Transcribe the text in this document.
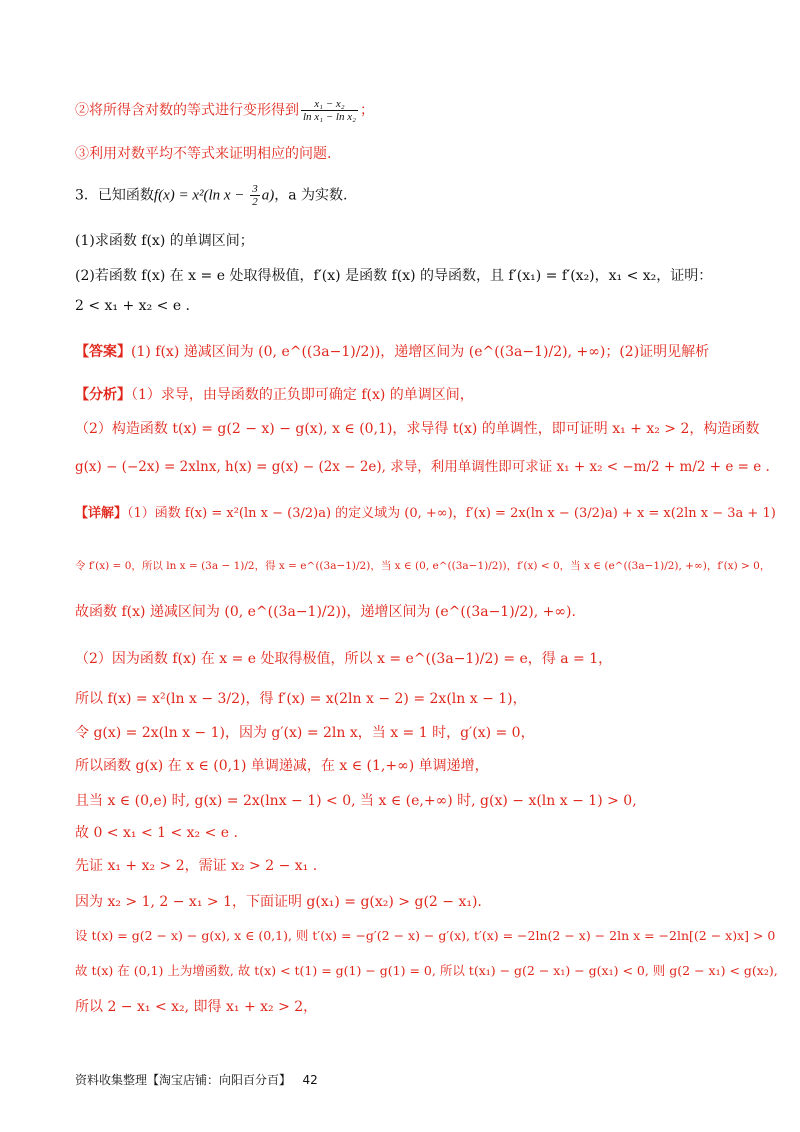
②将所得含对数的等式进行变形得到 $\frac{\text{x₁ − x₂}}{\text{ln x₁ − ln x₂}}$ ；
③利用对数平均不等式来证明相应的问题.
3．已知函数f(x) = x²(ln $x - \frac{3}{2} a$)，a 为实数.
(1)求函数 f(x) 的单调区间；
(2)若函数 f(x) 在 x = e 处取得极值，f′(x) 是函数 f(x) 的导函数，且 f′(x₁) = f′(x₂)，x₁ < x₂，证明：
2 < x₁ + x₂ < e .
【答案】(1) f(x) 递减区间为 (0, e^((3a−1)/2))，递增区间为 (e^((3a−1)/2), +∞)；(2)证明见解析
【分析】（1）求导，由导函数的正负即可确定 f(x) 的单调区间，
（2）构造函数 t(x) = g(2 − x) − g(x), x ∈ (0,1)，求导得 t(x) 的单调性，即可证明 x₁ + x₂ > 2，构造函数
g(x) − (−2x) = 2xlnx, h(x) = g(x) − (2x − 2e), 求导，利用单调性即可求证 x₁ + x₂ < −m/2 + m/2 + e = e .
【详解】（1）函数 f(x) = x²(ln x − (3/2)a) 的定义域为 (0, +∞)，f′(x) = 2x(ln x − (3/2)a) + x = x(2ln x − 3a + 1)
令 f′(x) = 0，所以 ln x = (3a − 1)/2，得 x = e^((3a−1)/2)，当 x ∈ (0, e^((3a−1)/2))，f′(x) < 0，当 x ∈ (e^((3a−1)/2), +∞)，f′(x) > 0，
故函数 f(x) 递减区间为 (0, e^((3a−1)/2))，递增区间为 (e^((3a−1)/2), +∞).
（2）因为函数 f(x) 在 x = e 处取得极值，所以 x = e^((3a−1)/2) = e，得 a = 1，
所以 f(x) = x²(ln x − 3/2)，得 f′(x) = x(2ln x − 2) = 2x(ln x − 1)，
令 g(x) = 2x(ln x − 1)，因为 g′(x) = 2ln x，当 x = 1 时，g′(x) = 0，
所以函数 g(x) 在 x ∈ (0,1) 单调递减，在 x ∈ (1,+∞) 单调递增，
且当 x ∈ (0,e) 时, g(x) = 2x(lnx − 1) < 0, 当 x ∈ (e,+∞) 时, g(x) − x(ln x − 1) > 0,
故 0 < x₁ < 1 < x₂ < e .
先证 x₁ + x₂ > 2，需证 x₂ > 2 − x₁ .
因为 x₂ > 1, 2 − x₁ > 1，下面证明 g(x₁) = g(x₂) > g(2 − x₁).
设 t(x) = g(2 − x) − g(x), x ∈ (0,1), 则 t′(x) = −g′(2 − x) − g′(x), t′(x) = −2ln(2 − x) − 2ln x = −2ln[(2 − x)x] > 0
故 t(x) 在 (0,1) 上为增函数, 故 t(x) < t(1) = g(1) − g(1) = 0, 所以 t(x₁) − g(2 − x₁) − g(x₁) < 0, 则 g(2 − x₁) < g(x₂),
所以 2 − x₁ < x₂, 即得 x₁ + x₂ > 2，
资料收集整理【淘宝店铺：向阳百分百】 42
